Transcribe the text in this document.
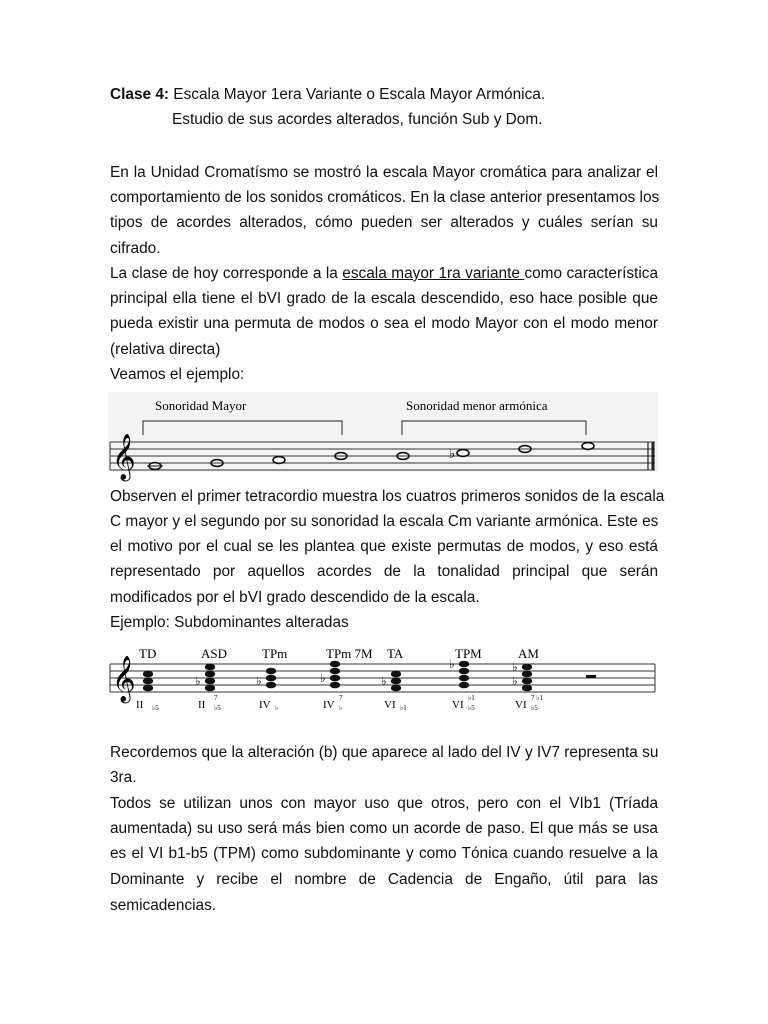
Clase 4: Escala Mayor 1era Variante o Escala Mayor Armónica.
Estudio de sus acordes alterados, función Sub y Dom.
En la Unidad Cromatísmo se mostró la escala Mayor cromática para analizar el
comportamiento de los sonidos cromáticos. En la clase anterior presentamos los
tipos de acordes alterados, cómo pueden ser alterados y cuáles serían su
cifrado.
La clase de hoy corresponde a la escala mayor 1ra variante como característica
principal ella tiene el bVI grado de la escala descendido, eso hace posible que
pueda existir una permuta de modos o sea el modo Mayor con el modo menor
(relativa directa)
Veamos el ejemplo:
Sonoridad Mayor	Sonoridad menor armónica
𝄞	♭
Observen el primer tetracordio muestra los cuatros primeros sonidos de la escala
C mayor y el segundo por su sonoridad la escala Cm variante armónica. Este es
el motivo por el cual se les plantea que existe permutas de modos, y eso está
representado por aquellos acordes de la tonalidad principal que serán
modificados por el bVI grado descendido de la escala.
Ejemplo: Subdominantes alteradas
TD	ASD	TPm	TPm 7M TA	TPM	AM
𝄞	♭	♭	♭	♭
♭	♭
♭
II ♭5	II
7
♭5	IV ♭	IV
7
♭	VI ♭1	VI
♭1
♭5	VI
7 ♭1
♭5
Recordemos que la alteración (b) que aparece al lado del IV y IV7 representa su
3ra.
Todos se utilizan unos con mayor uso que otros, pero con el VIb1 (Tríada
aumentada) su uso será más bien como un acorde de paso. El que más se usa
es el VI b1-b5 (TPM) como subdominante y como Tónica cuando resuelve a la
Dominante y recibe el nombre de Cadencia de Engaño, útil para las
semicadencias.
